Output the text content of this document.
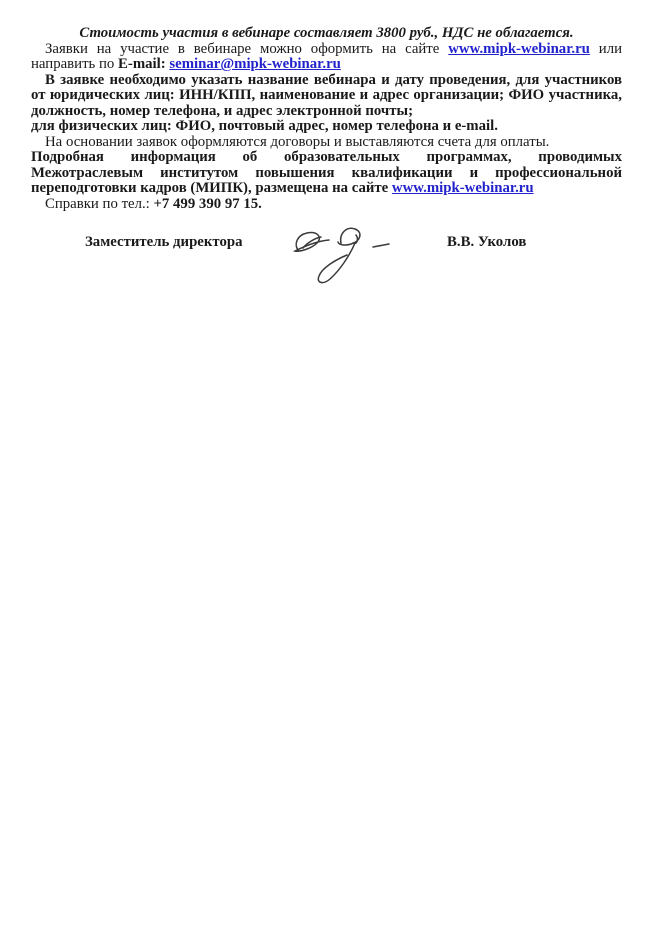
Стоимость участия в вебинаре составляет 3800 руб., НДС не облагается.

Заявки на участие в вебинаре можно оформить на сайте www.mipk-webinar.ru или направить по E-mail: seminar@mipk-webinar.ru

В заявке необходимо указать название вебинара и дату проведения, для участников от юридических лиц: ИНН/КПП, наименование и адрес организации; ФИО участника, должность, номер телефона, и адрес электронной почты;

для физических лиц: ФИО, почтовый адрес, номер телефона и e-mail.

На основании заявок оформляются договоры и выставляются счета для оплаты.

Подробная информация об образовательных программах, проводимых Межотраслевым институтом повышения квалификации и профессиональной переподготовки кадров (МИПК), размещена на сайте www.mipk-webinar.ru

Справки по тел.: +7 499 390 97 15.

Заместитель директора	В.В. Уколов
